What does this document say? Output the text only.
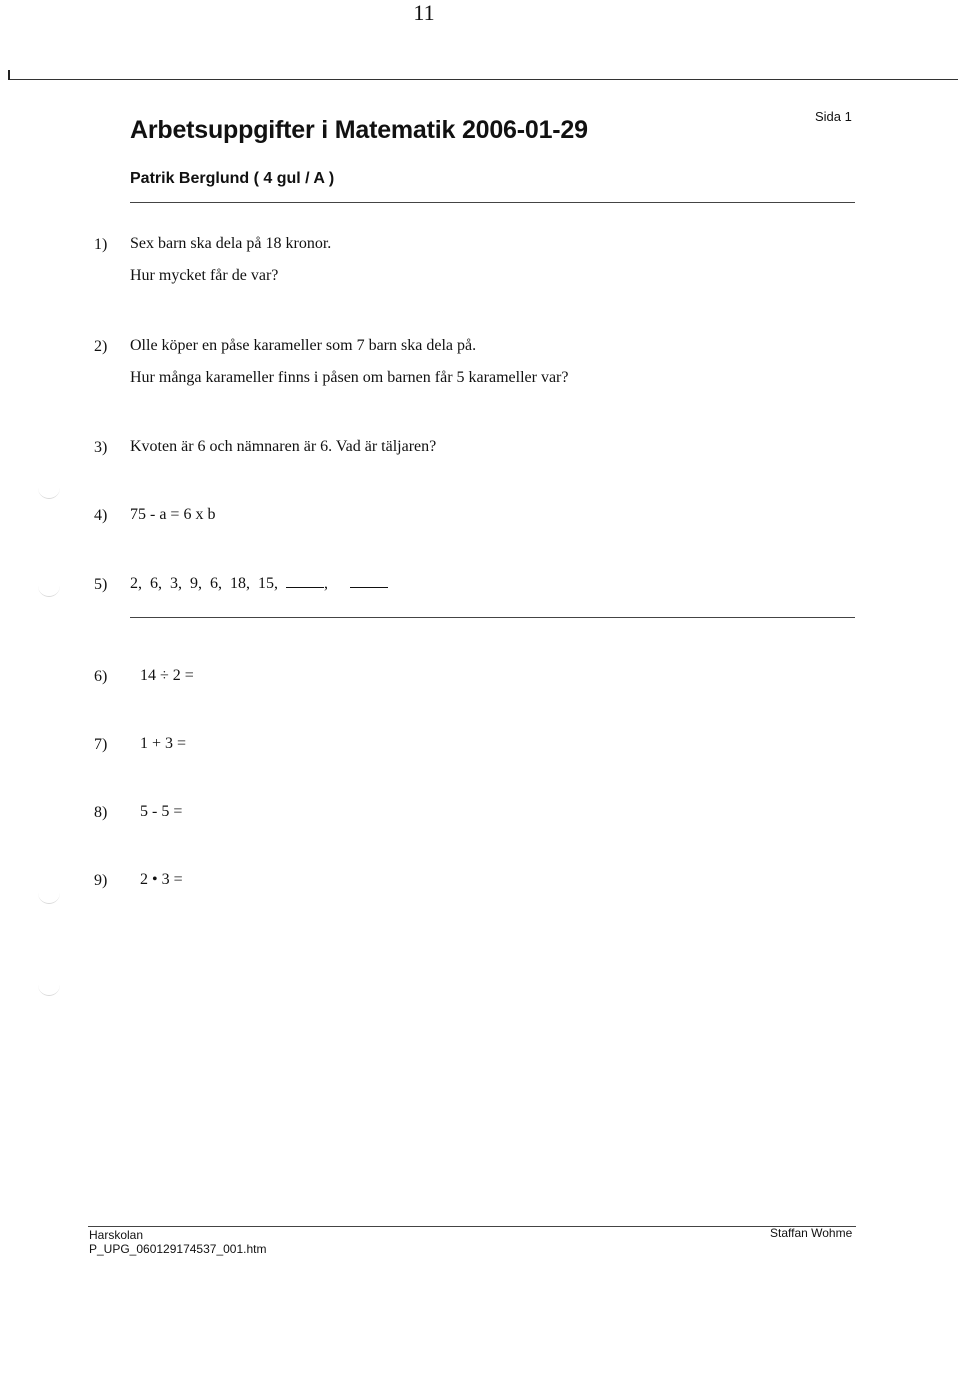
11
Arbetsuppgifter i Matematik 2006-01-29	Sida 1
Patrik Berglund ( 4 gul / A )
1) Sex barn ska dela på 18 kronor.
Hur mycket får de var?
2) Olle köper en påse karameller som 7 barn ska dela på.
Hur många karameller finns i påsen om barnen får 5 karameller var?
3) Kvoten är 6 och nämnaren är 6. Vad är täljaren?
4) 75 - a = 6 x b
5) 2, 6, 3, 9, 6, 18, 15,	,
6) 14 ÷ 2 =
7) 1 + 3 =
8) 5 - 5 =
9) 2 • 3 =
Harskolan
P_UPG_060129174537_001.htm
Staffan Wohme
